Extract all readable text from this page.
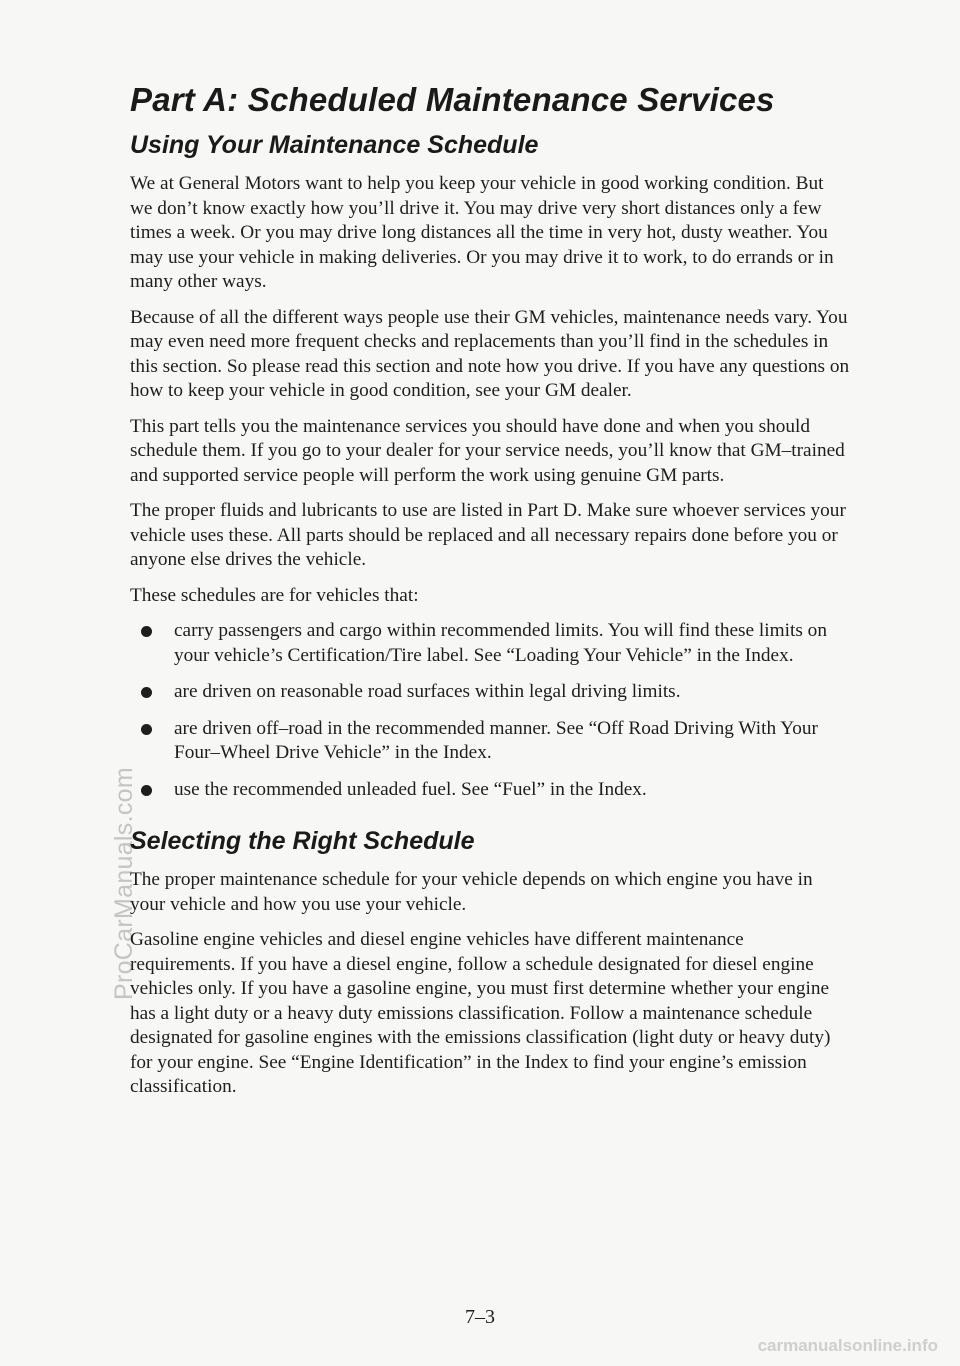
ProCarManuals.com
Part A: Scheduled Maintenance Services
Using Your Maintenance Schedule

We at General Motors want to help you keep your vehicle in good working condition. But we don’t know exactly how you’ll drive it. You may drive very short distances only a few times a week. Or you may drive long distances all the time in very hot, dusty weather. You may use your vehicle in making deliveries. Or you may drive it to work, to do errands or in many other ways.

Because of all the different ways people use their GM vehicles, maintenance needs vary. You may even need more frequent checks and replacements than you’ll find in the schedules in this section. So please read this section and note how you drive. If you have any questions on how to keep your vehicle in good condition, see your GM dealer.

This part tells you the maintenance services you should have done and when you should schedule them. If you go to your dealer for your service needs, you’ll know that GM–trained and supported service people will perform the work using genuine GM parts.

The proper fluids and lubricants to use are listed in Part D. Make sure whoever services your vehicle uses these. All parts should be replaced and all necessary repairs done before you or anyone else drives the vehicle.

These schedules are for vehicles that:

carry passengers and cargo within recommended limits. You will find these limits on your vehicle’s Certification/Tire label. See “Loading Your Vehicle” in the Index.
are driven on reasonable road surfaces within legal driving limits.
are driven off–road in the recommended manner. See “Off Road Driving With Your Four–Wheel Drive Vehicle” in the Index.
use the recommended unleaded fuel. See “Fuel” in the Index.
Selecting the Right Schedule

The proper maintenance schedule for your vehicle depends on which engine you have in your vehicle and how you use your vehicle.

Gasoline engine vehicles and diesel engine vehicles have different maintenance requirements. If you have a diesel engine, follow a schedule designated for diesel engine vehicles only. If you have a gasoline engine, you must first determine whether your engine has a light duty or a heavy duty emissions classification. Follow a maintenance schedule designated for gasoline engines with the emissions classification (light duty or heavy duty) for your engine. See “Engine Identification” in the Index to find your engine’s emission classification.

7–3
carmanualsonline.info
